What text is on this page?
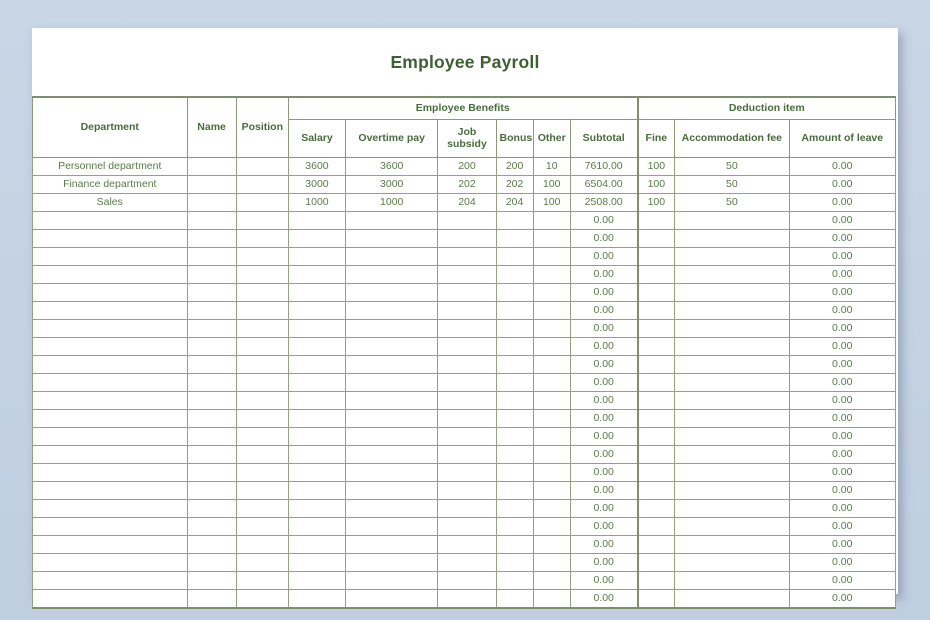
Employee Payroll
Department	Name	Position	Employee Benefits						Deduction item		
			Salary	Overtime pay	Job subsidy	Bonus	Other	Subtotal	Fine	Accommodation fee	Amount of leave
Personnel department			3600	3600	200	200	10	7610.00	100	50	0.00
Finance department			3000	3000	202	202	100	6504.00	100	50	0.00
Sales			1000	1000	204	204	100	2508.00	100	50	0.00
								0.00			0.00
								0.00			0.00
								0.00			0.00
								0.00			0.00
								0.00			0.00
								0.00			0.00
								0.00			0.00
								0.00			0.00
								0.00			0.00
								0.00			0.00
								0.00			0.00
								0.00			0.00
								0.00			0.00
								0.00			0.00
								0.00			0.00
								0.00			0.00
								0.00			0.00
								0.00			0.00
								0.00			0.00
								0.00			0.00
								0.00			0.00
								0.00			0.00
